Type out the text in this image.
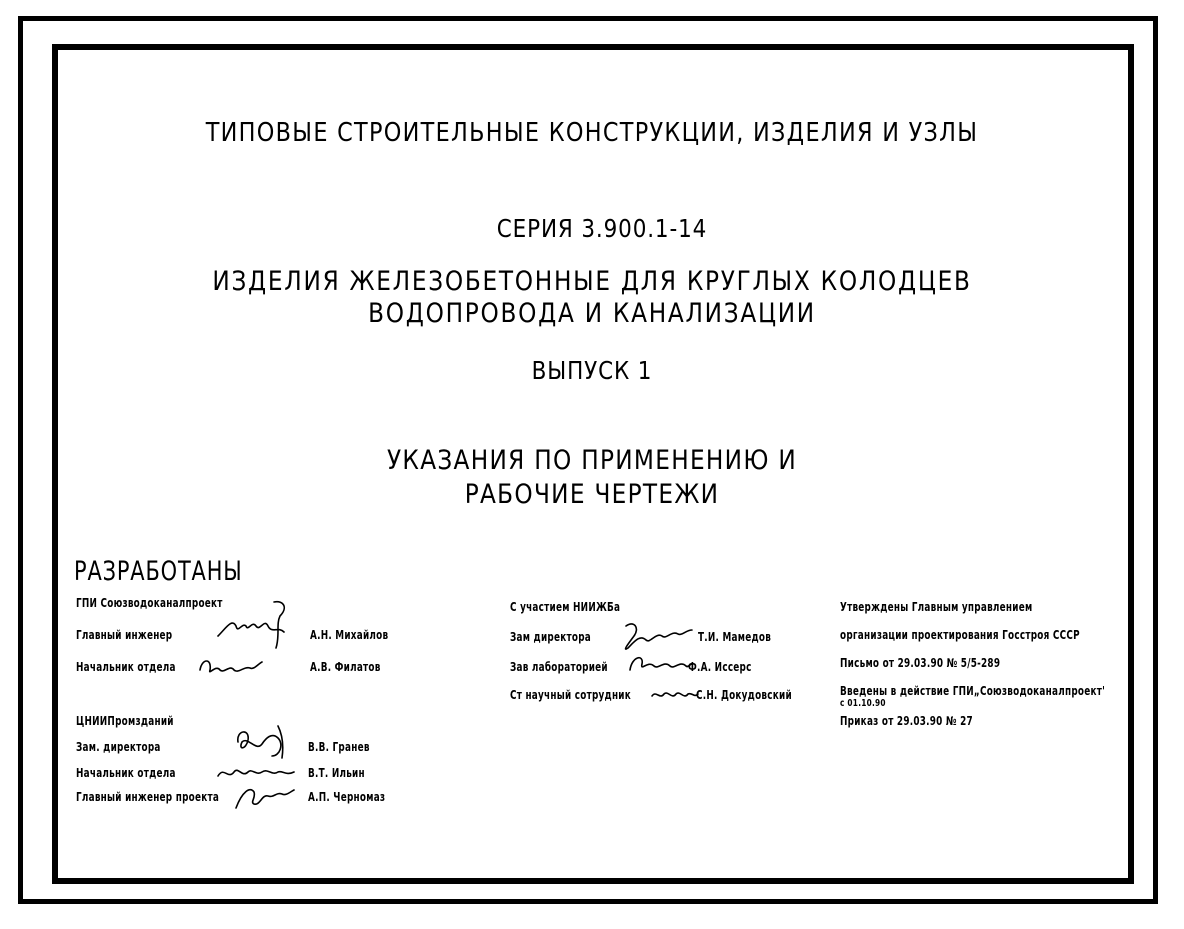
ТИПОВЫЕ СТРОИТЕЛЬНЫЕ КОНСТРУКЦИИ, ИЗДЕЛИЯ И УЗЛЫ
СЕРИЯ 3.900.1-14
ИЗДЕЛИЯ ЖЕЛЕЗОБЕТОННЫЕ ДЛЯ КРУГЛЫХ КОЛОДЦЕВ
ВОДОПРОВОДА И КАНАЛИЗАЦИИ
ВЫПУСК 1
УКАЗАНИЯ ПО ПРИМЕНЕНИЮ И
РАБОЧИЕ ЧЕРТЕЖИ
РАЗРАБОТАНЫ
ГПИ Союзводоканалпроект
Главный инженер	А.Н. Михайлов
Начальник отдела	А.В. Филатов
ЦНИИПромзданий
Зам. директора	В.В. Гранев
Начальник отдела	В.Т. Ильин
Главный инженер проекта	А.П. Черномаз
С участием НИИЖБа
Зам директора	Т.И. Мамедов
Зав лабораторией	Ф.А. Иссерс
Ст научный сотрудник	С.Н. Докудовский
Утверждены Главным управлением
организации проектирования Госстроя СССР
Письмо от 29.03.90 № 5/5-289
Введены в действие ГПИ„Союзводоканалпроект'
с 01.10.90
Приказ от 29.03.90 № 27
